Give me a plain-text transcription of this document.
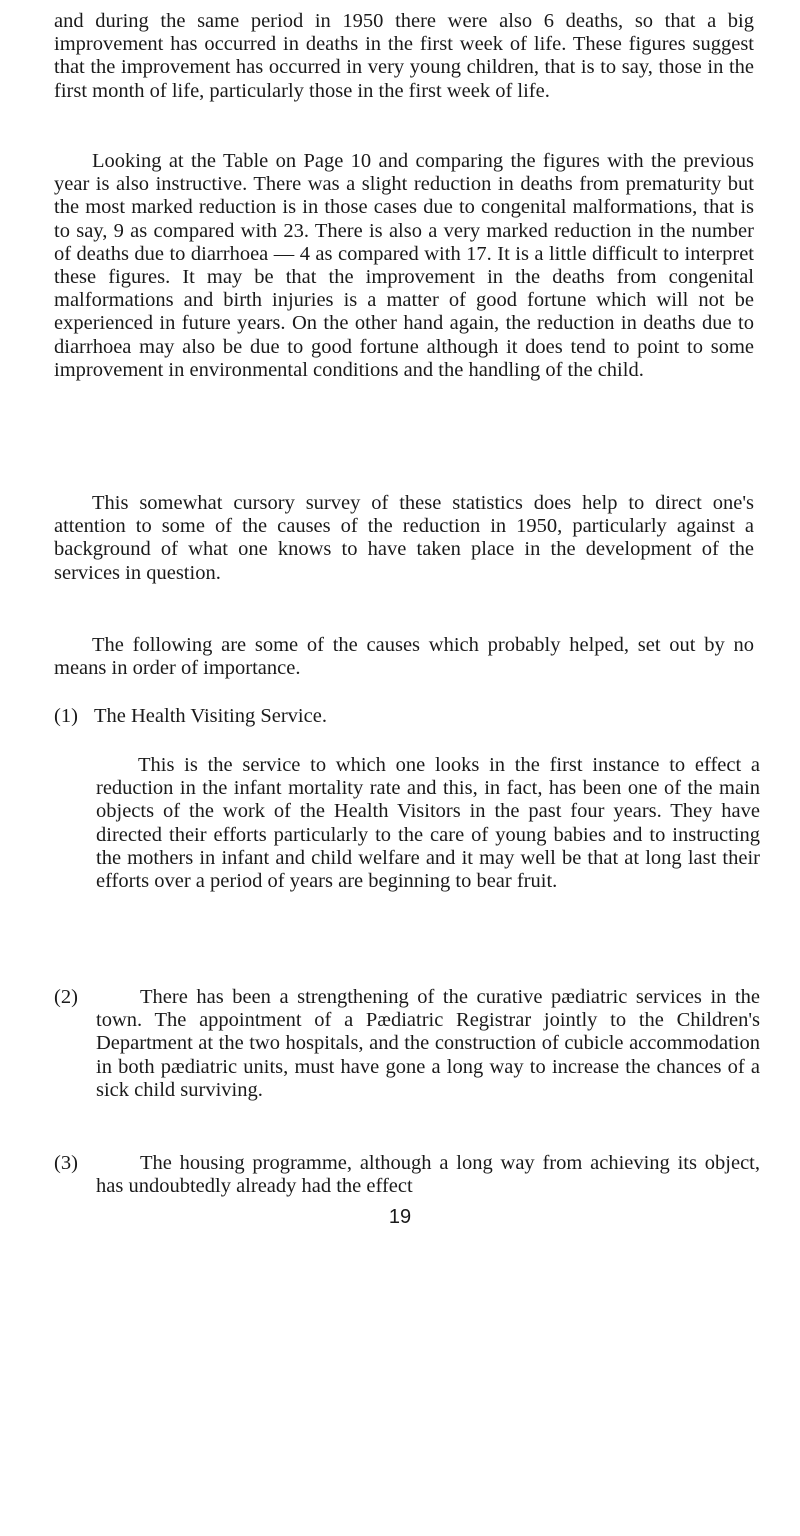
and during the same period in 1950 there were also 6 deaths, so that a big improvement has occurred in deaths in the first week of life. These figures suggest that the improvement has occurred in very young children, that is to say, those in the first month of life, particularly those in the first week of life.

Looking at the Table on Page 10 and comparing the figures with the previous year is also instructive. There was a slight reduction in deaths from prematurity but the most marked reduction is in those cases due to congenital malformations, that is to say, 9 as compared with 23. There is also a very marked reduction in the number of deaths due to diarrhoea — 4 as compared with 17. It is a little difficult to interpret these figures. It may be that the improvement in the deaths from congenital malformations and birth injuries is a matter of good fortune which will not be experienced in future years. On the other hand again, the reduction in deaths due to diarrhoea may also be due to good fortune although it does tend to point to some improvement in environmental conditions and the handling of the child.

This somewhat cursory survey of these statistics does help to direct one's attention to some of the causes of the reduction in 1950, particularly against a background of what one knows to have taken place in the development of the services in question.

The following are some of the causes which probably helped, set out by no means in order of importance.

(1) The Health Visiting Service.

This is the service to which one looks in the first instance to effect a reduction in the infant mortality rate and this, in fact, has been one of the main objects of the work of the Health Visitors in the past four years. They have directed their efforts particularly to the care of young babies and to instructing the mothers in infant and child welfare and it may well be that at long last their efforts over a period of years are beginning to bear fruit.
(2)	There has been a strengthening of the curative pædiatric services in the town. The appointment of a Pædiatric Registrar jointly to the Children's Department at the two hospitals, and the construction of cubicle accommodation in both pædiatric units, must have gone a long way to increase the chances of a sick child surviving.
(3)	The housing programme, although a long way from achieving its object, has undoubtedly already had the effect
19
